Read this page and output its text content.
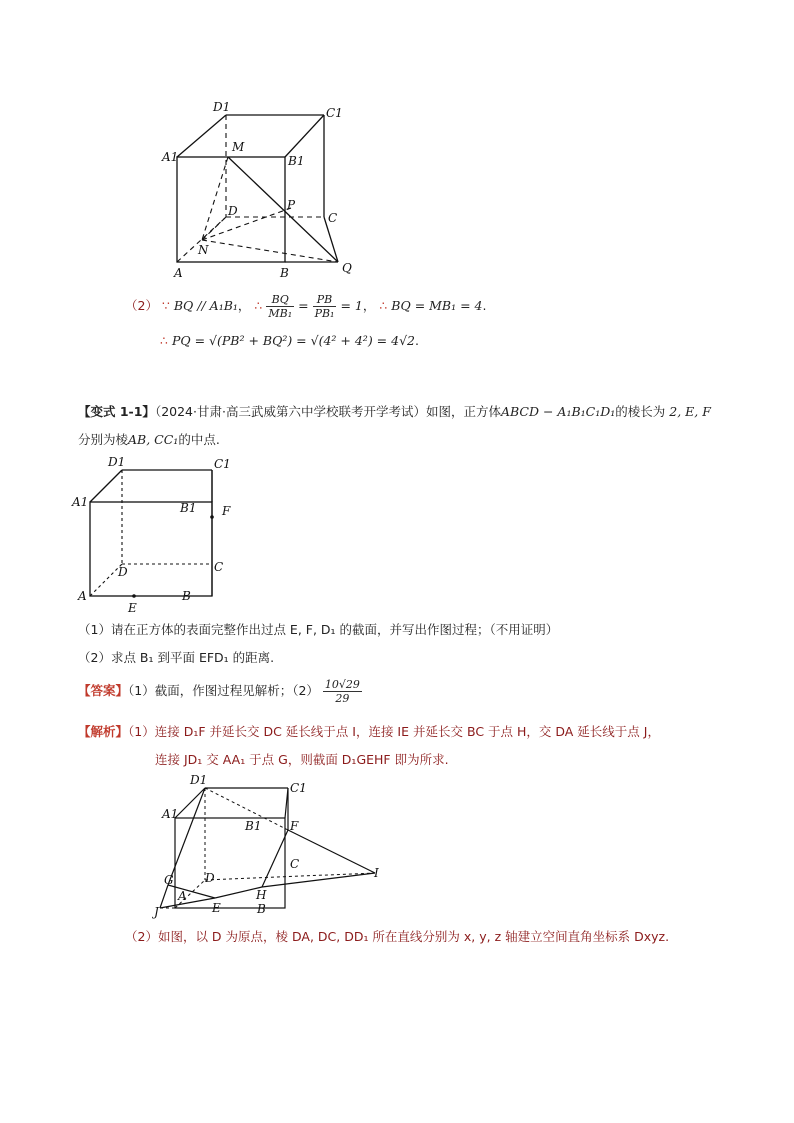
D1	C1
A1
M
B1
P
D	C
N
A	B	Q
（2） ∵ BQ // A₁B₁， ∴ $\frac{BQ}{\text{MB₁}} = \frac{PB}{\text{PB₁}} = 1$， ∴ BQ = MB₁ = 4.
∴ PQ = √(PB² + BQ²) = √(4² + 4²) = 4√2.
【变式 1-1】（2024·甘肃·高三武威第六中学校联考开学考试）如图，正方体ABCD − A₁B₁C₁D₁的棱长为 2, E, F
分别为棱AB, CC₁的中点.
D1	C1
A1	B1 F
D	C
A	B
E
（1）请在正方体的表面完整作出过点 E, F, D₁ 的截面，并写出作图过程；（不用证明）
（2）求点 B₁ 到平面 EFD₁ 的距离.
【答案】（1）截面，作图过程见解析；$(2) \frac{10√29}{29}$
【解析】（1）连接 D₁F 并延长交 DC 延长线于点 I，连接 IE 并延长交 BC 于点 H，交 DA 延长线于点 J，
连接 JD₁ 交 AA₁ 于点 G，则截面 D₁GEHF 即为所求.
D1
C1
A1
B1 F
C
I
G	D
A	H
J	E	B
（2）如图，以 D 为原点，棱 DA, DC, DD₁ 所在直线分别为 x, y, z 轴建立空间直角坐标系 Dxyz.
